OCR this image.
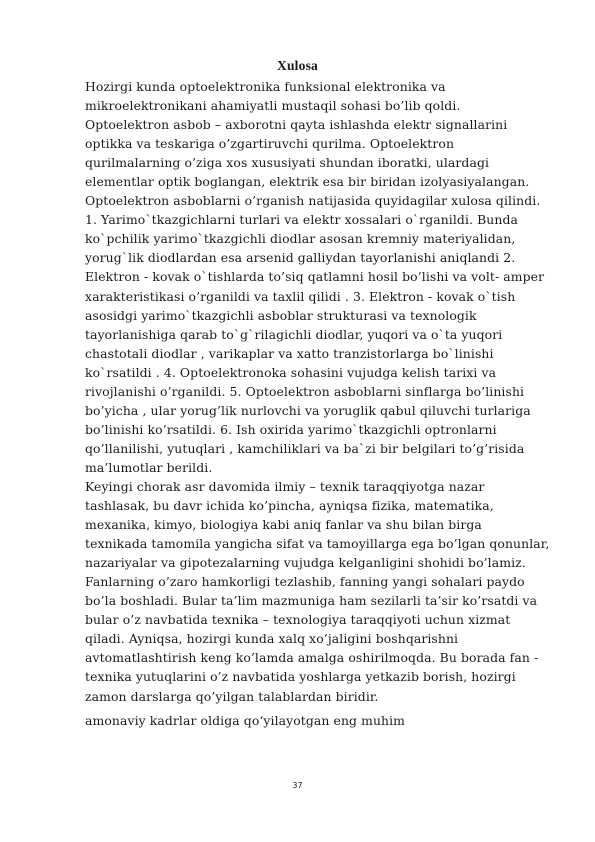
Xulosa
Hozirgi kunda optoelektronika funksional elektronika va
mikroelektronikani ahamiyatli mustaqil sohasi bo’lib qoldi.
Optoelektron asbob – axborotni qayta ishlashda elektr signallarini
optikka va teskariga o’zgartiruvchi qurilma. Optoelektron
qurilmalarning o’ziga xos xususiyati shundan iboratki, ulardagi
elementlar optik boglangan, elektrik esa bir biridan izolyasiyalangan.
Optoelektron asboblarni o’rganish natijasida quyidagilar xulosa qilindi.
1. Yarimo`tkazgichlarni turlari va elektr xossalari o`rganildi. Bunda
ko`pchilik yarimo`tkazgichli diodlar asosan kremniy materiyalidan,
yorug`lik diodlardan esa arsenid galliydan tayorlanishi aniqlandi 2.
Elektron - kovak o`tishlarda to’siq qatlamni hosil bo’lishi va volt- amper
xarakteristikasi o’rganildi va taxlil qilidi . 3. Elektron - kovak o`tish
asosidgi yarimo`tkazgichli asboblar strukturasi va texnologik
tayorlanishiga qarab to`g`rilagichli diodlar, yuqori va o`ta yuqori
chastotali diodlar , varikaplar va xatto tranzistorlarga bo`linishi
ko`rsatildi . 4. Optoelektronoka sohasini vujudga kelish tarixi va
rivojlanishi o’rganildi. 5. Optoelektron asboblarni sinflarga bo’linishi
bo’yicha , ular yorug’lik nurlovchi va yoruglik qabul qiluvchi turlariga
bo’linishi ko’rsatildi. 6. Ish oxirida yarimo`tkazgichli optronlarni
qo’llanilishi, yutuqlari , kamchiliklari va ba`zi bir belgilari to’g’risida
ma’lumotlar berildi.
Keyingi chorak asr davomida ilmiy – texnik taraqqiyotga nazar
tashlasak, bu davr ichida ko’pincha, ayniqsa fizika, matematika,
mexanika, kimyo, biologiya kabi aniq fanlar va shu bilan birga
texnikada tamomila yangicha sifat va tamoyillarga ega bo’lgan qonunlar,
nazariyalar va gipotezalarning vujudga kelganligini shohidi bo’lamiz.
Fanlarning o’zaro hamkorligi tezlashib, fanning yangi sohalari paydo
bo’la boshladi. Bular ta’lim mazmuniga ham sezilarli ta’sir ko’rsatdi va
bular o’z navbatida texnika – texnologiya taraqqiyoti uchun xizmat
qiladi. Ayniqsa, hozirgi kunda xalq xo’jaligini boshqarishni
avtomatlashtirish keng ko’lamda amalga oshirilmoqda. Bu borada fan -
texnika yutuqlarini o’z navbatida yoshlarga yetkazib borish, hozirgi
zamon darslarga qo’yilgan talablardan biridir.
amonaviy kadrlar oldiga qo‘yilayotgan eng muhim
37
